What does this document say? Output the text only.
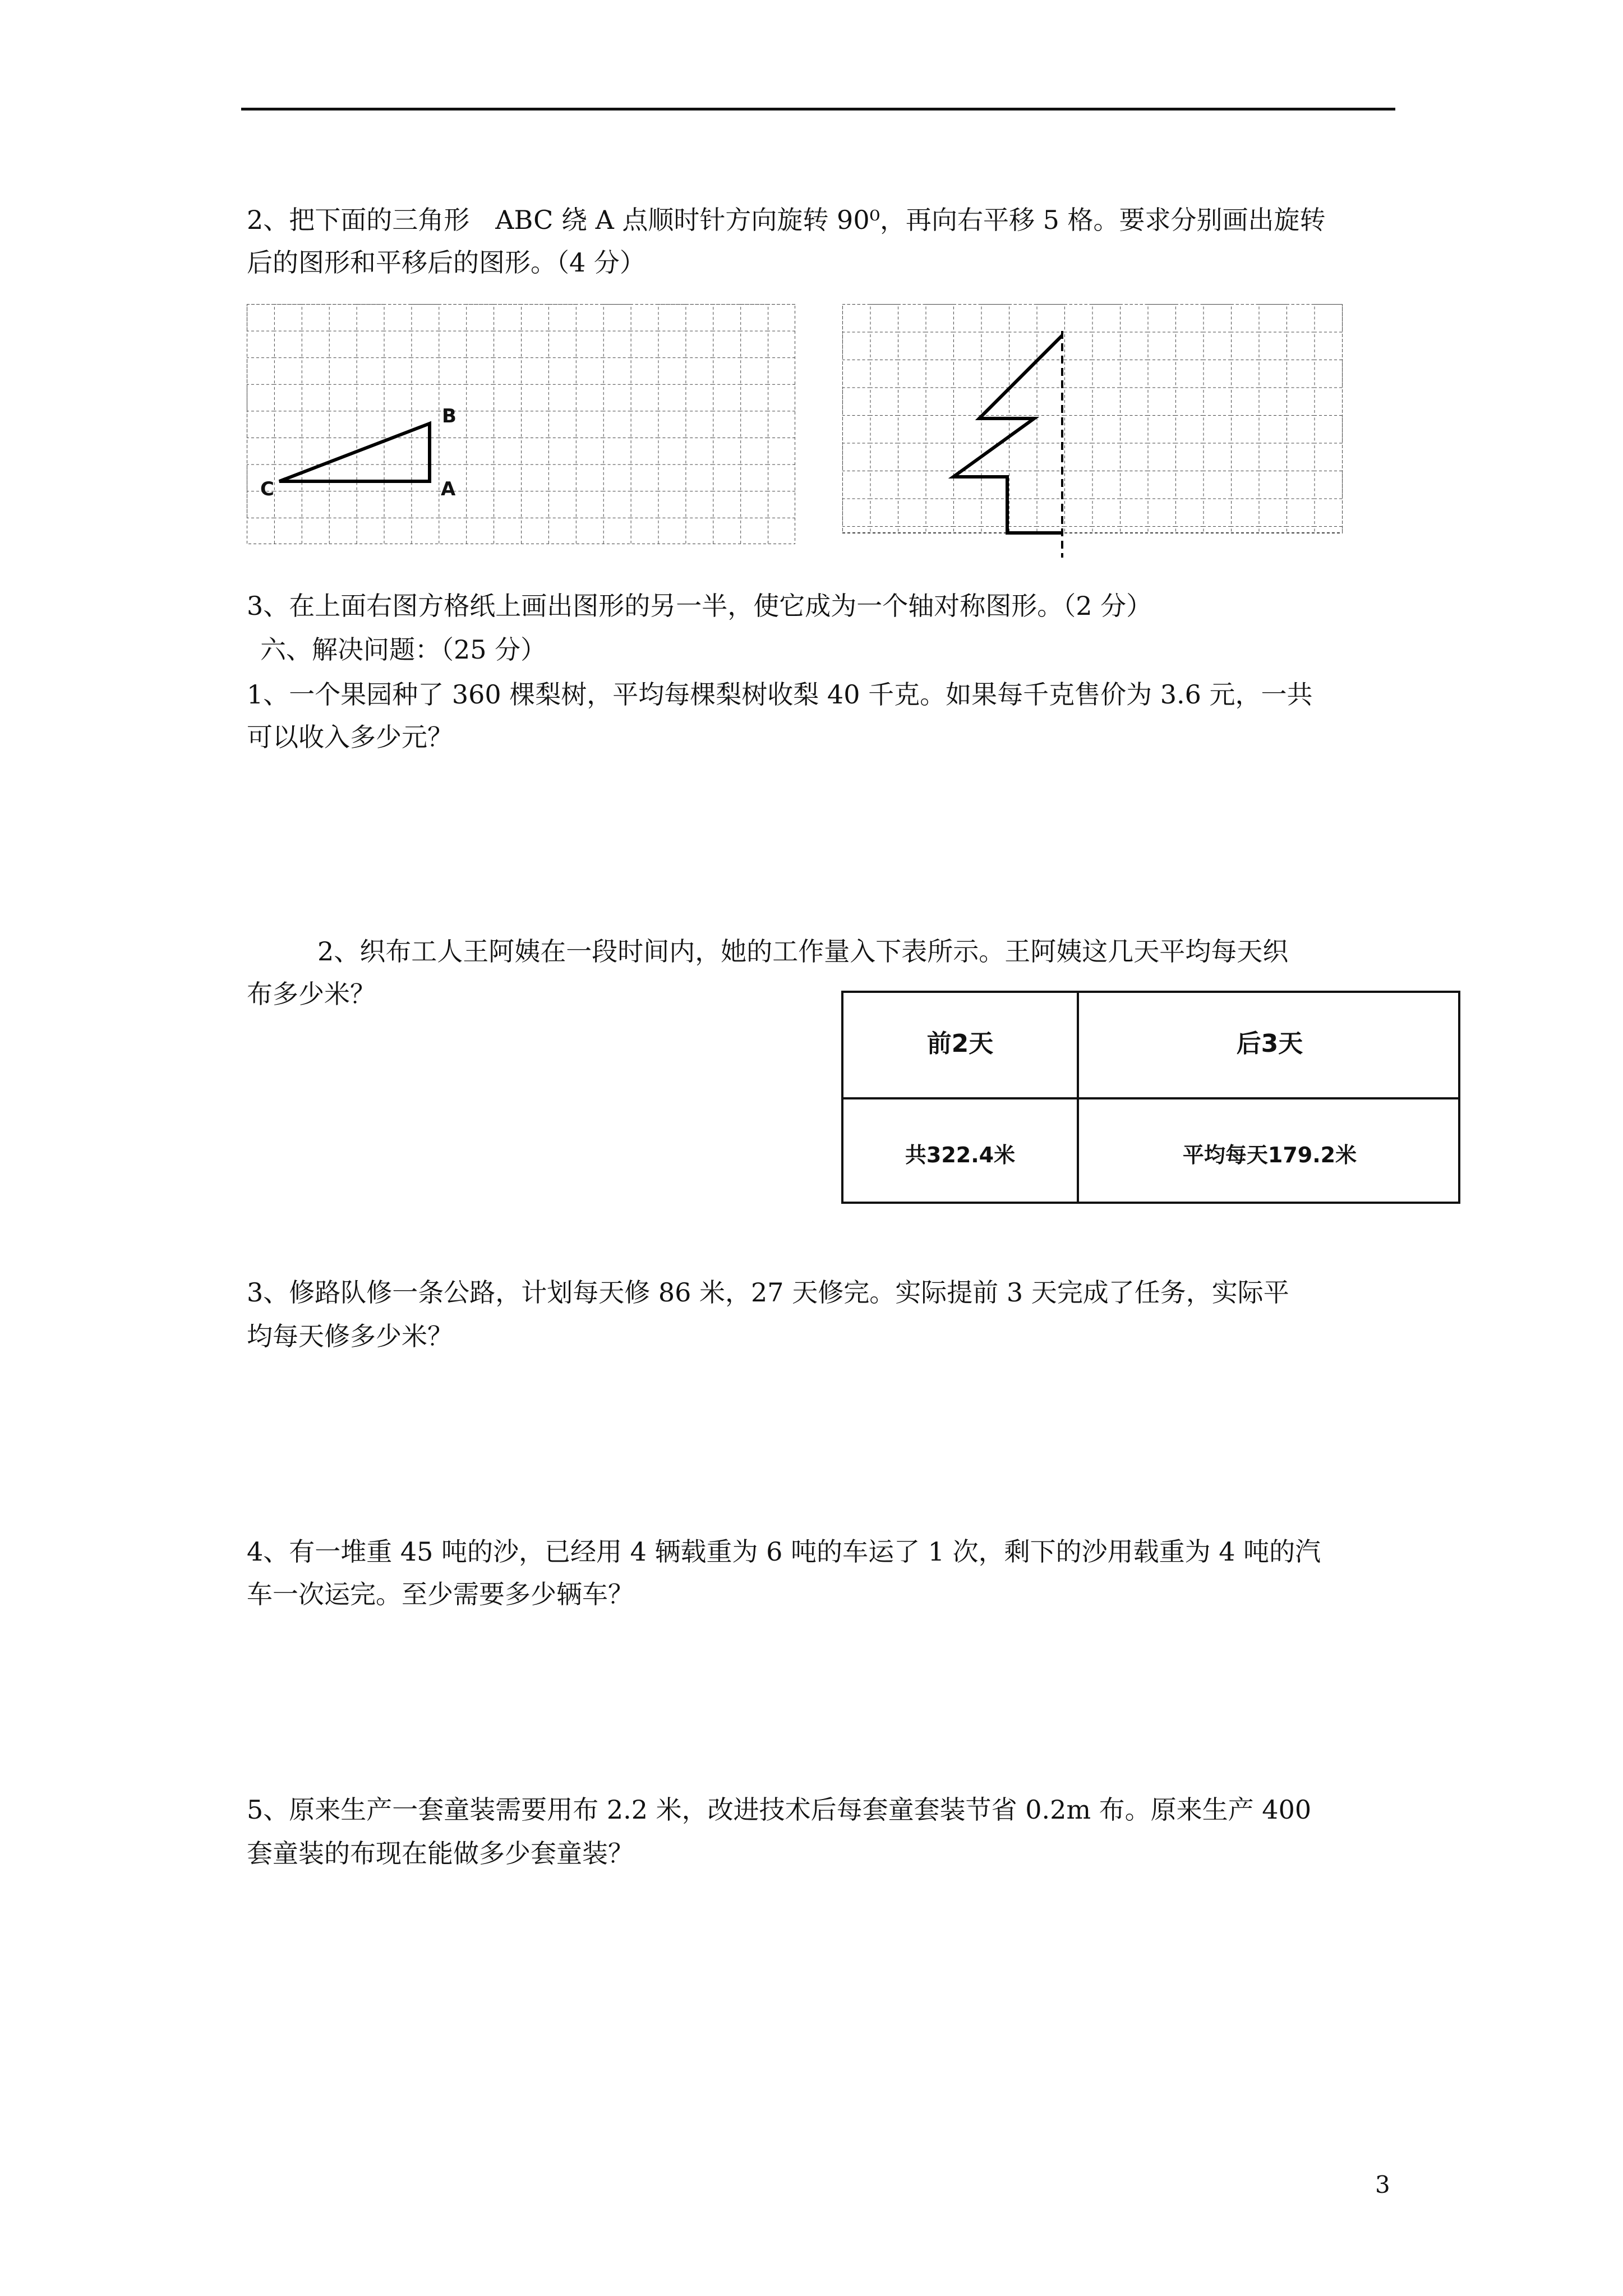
2、把下面的三角形　ABC 绕 A 点顺时针方向旋转 90⁰，再向右平移 5 格。要求分别画出旋转
后的图形和平移后的图形。（4 分）
B
A
C
3、在上面右图方格纸上画出图形的另一半，使它成为一个轴对称图形。（2 分）
六、解决问题：（25 分）
1、一个果园种了 360 棵梨树，平均每棵梨树收梨 40 千克。如果每千克售价为 3.6 元，一共
可以收入多少元？
2、织布工人王阿姨在一段时间内，她的工作量入下表所示。王阿姨这几天平均每天织
布多少米？
前2天	后3天
共322.4米	平均每天179.2米
3、修路队修一条公路，计划每天修 86 米，27 天修完。实际提前 3 天完成了任务，实际平
均每天修多少米？
4、有一堆重 45 吨的沙，已经用 4 辆载重为 6 吨的车运了 1 次，剩下的沙用载重为 4 吨的汽
车一次运完。至少需要多少辆车？
5、原来生产一套童装需要用布 2.2 米，改进技术后每套童套装节省 0.2m 布。原来生产 400
套童装的布现在能做多少套童装？
3
